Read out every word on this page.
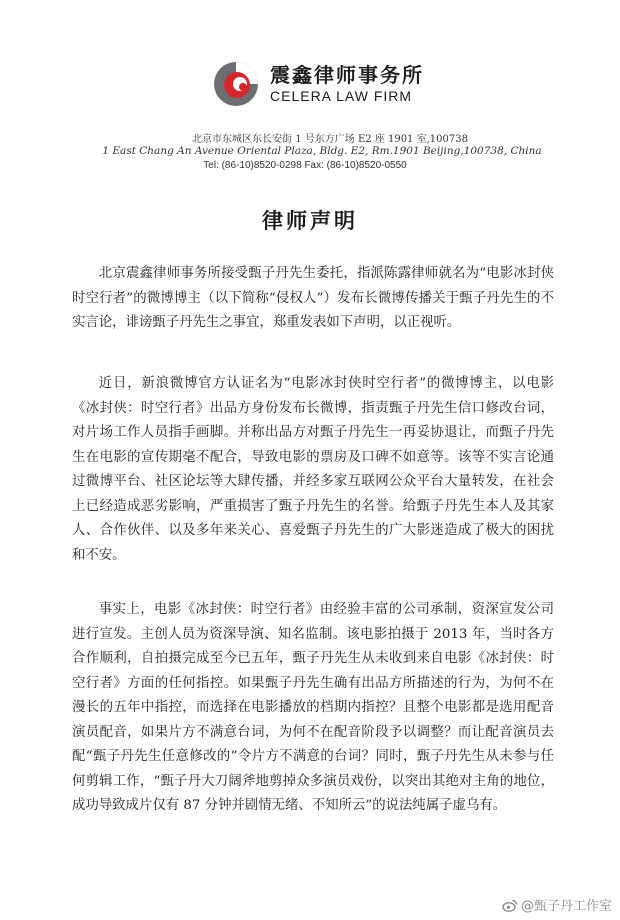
震鑫律师事务所
CELERA LAW FIRM
北京市东城区东长安街 1 号东方广场 E2 座 1901 室,100738
1 East Chang An Avenue Oriental Plaza, Bldg. E2, Rm.1901 Beijing,100738, China
Tel: (86-10)8520-0298 Fax: (86-10)8520-0550
律师声明

北京震鑫律师事务所接受甄子丹先生委托，指派陈露律师就名为“电影冰封侠时空行者”的微博博主（以下简称“侵权人”）发布长微博传播关于甄子丹先生的不实言论，诽谤甄子丹先生之事宜，郑重发表如下声明，以正视听。

近日，新浪微博官方认证名为“电影冰封侠时空行者”的微博博主，以电影《冰封侠：时空行者》出品方身份发布长微博，指责甄子丹先生信口修改台词，对片场工作人员指手画脚。并称出品方对甄子丹先生一再妥协退让，而甄子丹先生在电影的宣传期毫不配合，导致电影的票房及口碑不如意等。该等不实言论通过微博平台、社区论坛等大肆传播，并经多家互联网公众平台大量转发，在社会上已经造成恶劣影响，严重损害了甄子丹先生的名誉。给甄子丹先生本人及其家人、合作伙伴、以及多年来关心、喜爱甄子丹先生的广大影迷造成了极大的困扰和不安。

事实上，电影《冰封侠：时空行者》由经验丰富的公司承制，资深宣发公司进行宣发。主创人员为资深导演、知名监制。该电影拍摄于 2013 年，当时各方合作顺利，自拍摄完成至今已五年，甄子丹先生从未收到来自电影《冰封侠：时空行者》方面的任何指控。如果甄子丹先生确有出品方所描述的行为，为何不在漫长的五年中指控，而选择在电影播放的档期内指控？且整个电影都是选用配音演员配音，如果片方不满意台词，为何不在配音阶段予以调整？而让配音演员去配“甄子丹先生任意修改的”令片方不满意的台词？同时，甄子丹先生从未参与任何剪辑工作，“甄子丹大刀阔斧地剪掉众多演员戏份，以突出其绝对主角的地位，成功导致成片仅有 87 分钟并剧情无绪、不知所云”的说法纯属子虚乌有。

@甄子丹工作室
